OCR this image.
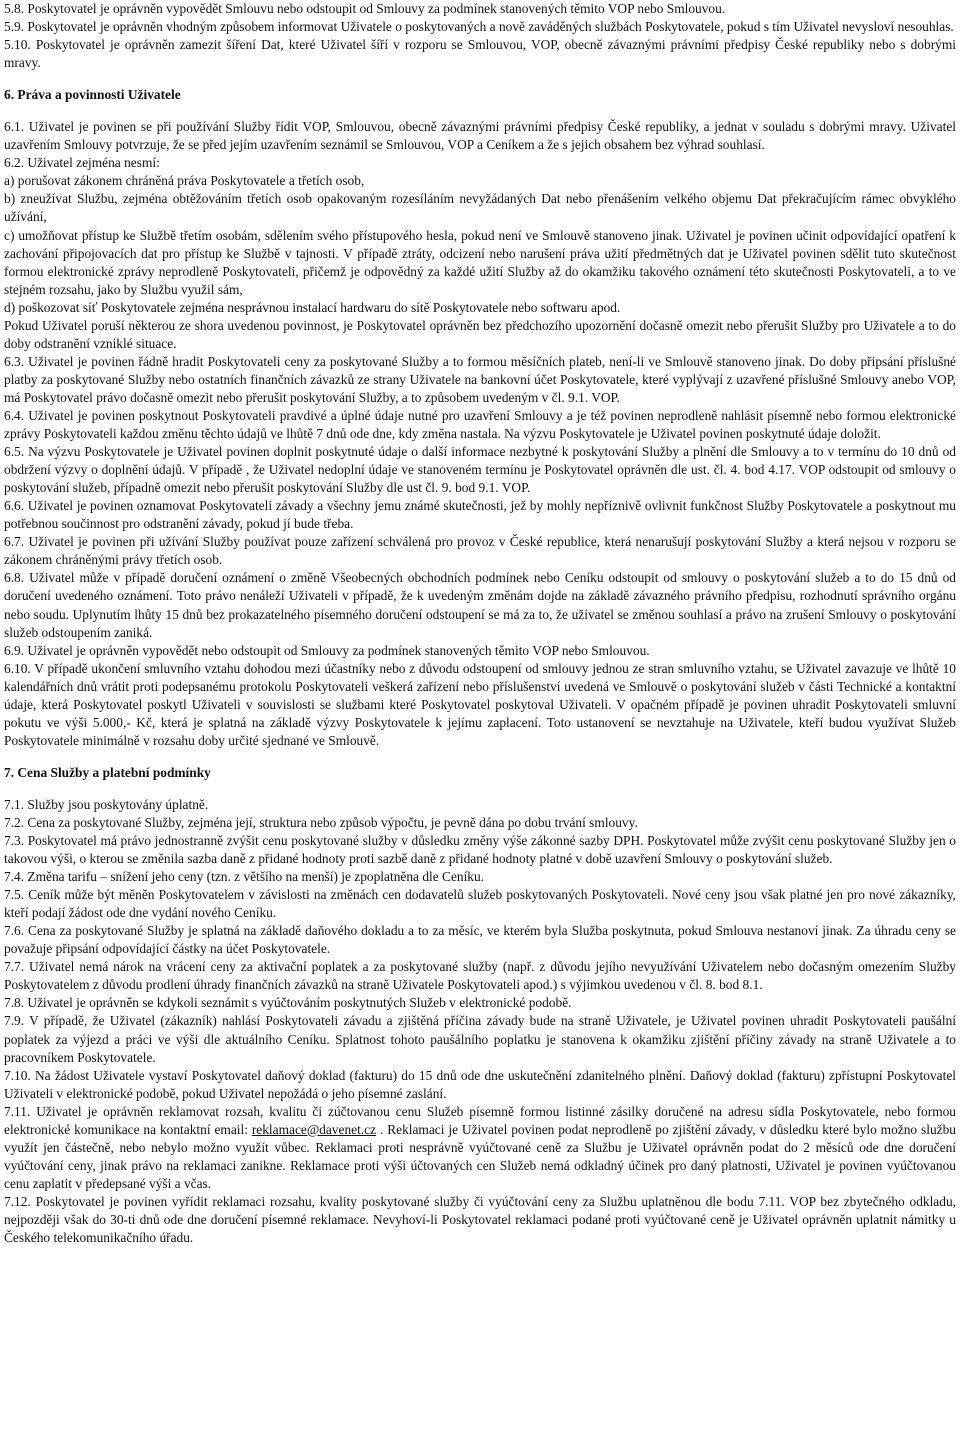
5.8. Poskytovatel je oprávněn vypovědět Smlouvu nebo odstoupit od Smlouvy za podmínek stanovených těmito VOP nebo Smlouvou.

5.9. Poskytovatel je oprávněn vhodným způsobem informovat Uživatele o poskytovaných a nově zaváděných službách Poskytovatele, pokud s tím Uživatel nevysloví nesouhlas.

5.10. Poskytovatel je oprávněn zamezit šíření Dat, které Uživatel šíří v rozporu se Smlouvou, VOP, obecně závaznými právními předpisy České republiky nebo s dobrými mravy.

6. Práva a povinnosti Uživatele

6.1. Uživatel je povinen se při používání Služby řídit VOP, Smlouvou, obecně závaznými právními předpisy České republiky, a jednat v souladu s dobrými mravy. Uživatel uzavřením Smlouvy potvrzuje, že se před jejím uzavřením seznámil se Smlouvou, VOP a Ceníkem a že s jejich obsahem bez výhrad souhlasí.

6.2. Uživatel zejména nesmí:

a) porušovat zákonem chráněná práva Poskytovatele a třetích osob,

b) zneužívat Službu, zejména obtěžováním třetích osob opakovaným rozesíláním nevyžádaných Dat nebo přenášením velkého objemu Dat překračujícím rámec obvyklého užívání,

c) umožňovat přístup ke Službě třetím osobám, sdělením svého přístupového hesla, pokud není ve Smlouvě stanoveno jinak. Uživatel je povinen učinit odpovídající opatření k zachování připojovacích dat pro přístup ke Službě v tajnosti. V případě ztráty, odcizení nebo narušení práva užití předmětných dat je Uživatel povinen sdělit tuto skutečnost formou elektronické zprávy neprodleně Poskytovateli, přičemž je odpovědný za každé užití Služby až do okamžiku takového oznámení této skutečnosti Poskytovateli, a to ve stejném rozsahu, jako by Službu využil sám,

d) poškozovat síť Poskytovatele zejména nesprávnou instalací hardwaru do sítě Poskytovatele nebo softwaru apod.

Pokud Uživatel poruší některou ze shora uvedenou povinnost, je Poskytovatel oprávněn bez předchozího upozornění dočasně omezit nebo přerušit Služby pro Uživatele a to do doby odstranění vzniklé situace.

6.3. Uživatel je povinen řádně hradit Poskytovateli ceny za poskytované Služby a to formou měsíčních plateb, není-li ve Smlouvě stanoveno jinak. Do doby připsání příslušné platby za poskytované Služby nebo ostatních finančních závazků ze strany Uživatele na bankovní účet Poskytovatele, které vyplývají z uzavřené příslušné Smlouvy anebo VOP, má Poskytovatel právo dočasně omezit nebo přerušit poskytování Služby, a to způsobem uvedeným v čl. 9.1. VOP.

6.4. Uživatel je povinen poskytnout Poskytovateli pravdivé a úplné údaje nutné pro uzavření Smlouvy a je též povinen neprodleně nahlásit písemně nebo formou elektronické zprávy Poskytovateli každou změnu těchto údajů ve lhůtě 7 dnů ode dne, kdy změna nastala. Na výzvu Poskytovatele je Uživatel povinen poskytnuté údaje doložit.

6.5. Na výzvu Poskytovatele je Uživatel povinen doplnit poskytnuté údaje o další informace nezbytné k poskytování Služby a plnění dle Smlouvy a to v termínu do 10 dnů od obdržení výzvy o doplnění údajů. V případě , že Uživatel nedoplní údaje ve stanoveném termínu je Poskytovatel oprávněn dle ust. čl. 4. bod 4.17. VOP odstoupit od smlouvy o poskytování služeb, případně omezit nebo přerušit poskytování Služby dle ust čl. 9. bod 9.1. VOP.

6.6. Uživatel je povinen oznamovat Poskytovateli závady a všechny jemu známé skutečnosti, jež by mohly nepříznivě ovlivnit funkčnost Služby Poskytovatele a poskytnout mu potřebnou součinnost pro odstranění závady, pokud jí bude třeba.

6.7. Uživatel je povinen při užívání Služby používat pouze zařízení schválená pro provoz v České republice, která nenarušují poskytování Služby a která nejsou v rozporu se zákonem chráněnými právy třetích osob.

6.8. Uživatel může v případě doručení oznámení o změně Všeobecných obchodních podmínek nebo Ceníku odstoupit od smlouvy o poskytování služeb a to do 15 dnů od doručení uvedeného oznámení. Toto právo nenáleží Uživateli v případě, že k uvedeným změnám dojde na základě závazného právního předpisu, rozhodnutí správního orgánu nebo soudu. Uplynutím lhůty 15 dnů bez prokazatelného písemného doručení odstoupení se má za to, že uživatel se změnou souhlasí a právo na zrušení Smlouvy o poskytování služeb odstoupením zaniká.

6.9. Uživatel je oprávněn vypovědět nebo odstoupit od Smlouvy za podmínek stanovených těmito VOP nebo Smlouvou.

6.10. V případě ukončení smluvního vztahu dohodou mezi účastníky nebo z důvodu odstoupení od smlouvy jednou ze stran smluvního vztahu, se Uživatel zavazuje ve lhůtě 10 kalendářních dnů vrátit proti podepsanému protokolu Poskytovateli veškerá zařízení nebo příslušenství uvedená ve Smlouvě o poskytování služeb v části Technické a kontaktní údaje, která Poskytovatel poskytl Uživateli v souvislosti se službami které Poskytovatel poskytoval Uživateli. V opačném případě je povinen uhradit Poskytovateli smluvní pokutu ve výši 5.000,- Kč, která je splatná na základě výzvy Poskytovatele k jejímu zaplacení. Toto ustanovení se nevztahuje na Uživatele, kteří budou využívat Služeb Poskytovatele minimálně v rozsahu doby určité sjednané ve Smlouvě.

7. Cena Služby a platební podmínky

7.1. Služby jsou poskytovány úplatně.

7.2. Cena za poskytované Služby, zejména její, struktura nebo způsob výpočtu, je pevně dána po dobu trvání smlouvy.

7.3. Poskytovatel má právo jednostranně zvýšit cenu poskytované služby v důsledku změny výše zákonné sazby DPH. Poskytovatel může zvýšit cenu poskytované Služby jen o takovou výši, o kterou se změnila sazba daně z přidané hodnoty proti sazbě daně z přidané hodnoty platné v době uzavření Smlouvy o poskytování služeb.

7.4. Změna tarifu – snížení jeho ceny (tzn. z většího na menší) je zpoplatněna dle Ceníku.

7.5. Ceník může být měněn Poskytovatelem v závislosti na změnách cen dodavatelů služeb poskytovaných Poskytovateli. Nové ceny jsou však platné jen pro nové zákazníky, kteří podají žádost ode dne vydání nového Ceníku.

7.6. Cena za poskytované Služby je splatná na základě daňového dokladu a to za měsíc, ve kterém byla Služba poskytnuta, pokud Smlouva nestanoví jinak. Za úhradu ceny se považuje připsání odpovídající částky na účet Poskytovatele.

7.7. Uživatel nemá nárok na vrácení ceny za aktivační poplatek a za poskytované služby (např. z důvodu jejího nevyužívání Uživatelem nebo dočasným omezením Služby Poskytovatelem z důvodu prodlení úhrady finančních závazků na straně Uživatele Poskytovateli apod.) s výjimkou uvedenou v čl. 8. bod 8.1.

7.8. Uživatel je oprávněn se kdykoli seznámit s vyúčtováním poskytnutých Služeb v elektronické podobě.

7.9. V případě, že Uživatel (zákazník) nahlásí Poskytovateli závadu a zjištěná příčina závady bude na straně Uživatele, je Uživatel povinen uhradit Poskytovateli paušální poplatek za výjezd a práci ve výši dle aktuálního Ceníku. Splatnost tohoto paušálního poplatku je stanovena k okamžiku zjištění příčiny závady na straně Uživatele a to pracovníkem Poskytovatele.

7.10. Na žádost Uživatele vystaví Poskytovatel daňový doklad (fakturu) do 15 dnů ode dne uskutečnění zdanitelného plnění. Daňový doklad (fakturu) zpřístupní Poskytovatel Uživateli v elektronické podobě, pokud Uživatel nepožádá o jeho písemné zaslání.

7.11. Uživatel je oprávněn reklamovat rozsah, kvalitu či zúčtovanou cenu Služeb písemně formou listinné zásilky doručené na adresu sídla Poskytovatele, nebo formou elektronické komunikace na kontaktní email: reklamace@davenet.cz . Reklamaci je Uživatel povinen podat neprodleně po zjištění závady, v důsledku které bylo možno službu využít jen částečně, nebo nebylo možno využít vůbec. Reklamaci proti nesprávně vyúčtované ceně za Službu je Uživatel oprávněn podat do 2 měsíců ode dne doručení vyúčtování ceny, jinak právo na reklamaci zanikne. Reklamace proti výši účtovaných cen Služeb nemá odkladný účinek pro daný platnosti, Uživatel je povinen vyúčtovanou cenu zaplatit v předepsané výši a včas.

7.12. Poskytovatel je povinen vyřídit reklamaci rozsahu, kvality poskytované služby či vyúčtování ceny za Službu uplatněnou dle bodu 7.11. VOP bez zbytečného odkladu, nejpozději však do 30-ti dnů ode dne doručení písemné reklamace. Nevyhoví-li Poskytovatel reklamaci podané proti vyúčtované ceně je Uživatel oprávněn uplatnit námitky u Českého telekomunikačního úřadu.
